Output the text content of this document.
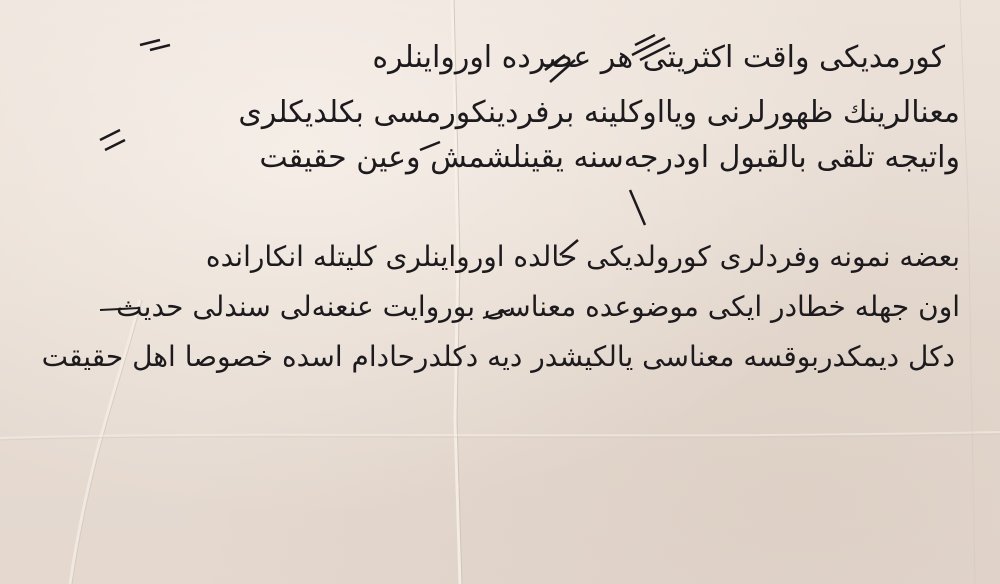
کورمدیکی واقت اکثریتی هر عصرده اورواینلره
معنالرینك ظهورلرنی ویااوکلینه برفردینکورمسی بکلدیکلری
واتیجه تلقی بالقبول اودرجه‌سنه یقینلشمش وعین حقیقت
بعضه نمونه وفردلری کورولدیکی حالده اورواینلری کلیتله انکارانده
اون جهله خطادر ایکی موضوعده معناسی بوروایت عنعنه‌لی سندلی حدیث
دکل دیمکدربوقسه معناسی یالکیشدر دیه دکلدرحادام اسده خصوصا اهل حقیقت
